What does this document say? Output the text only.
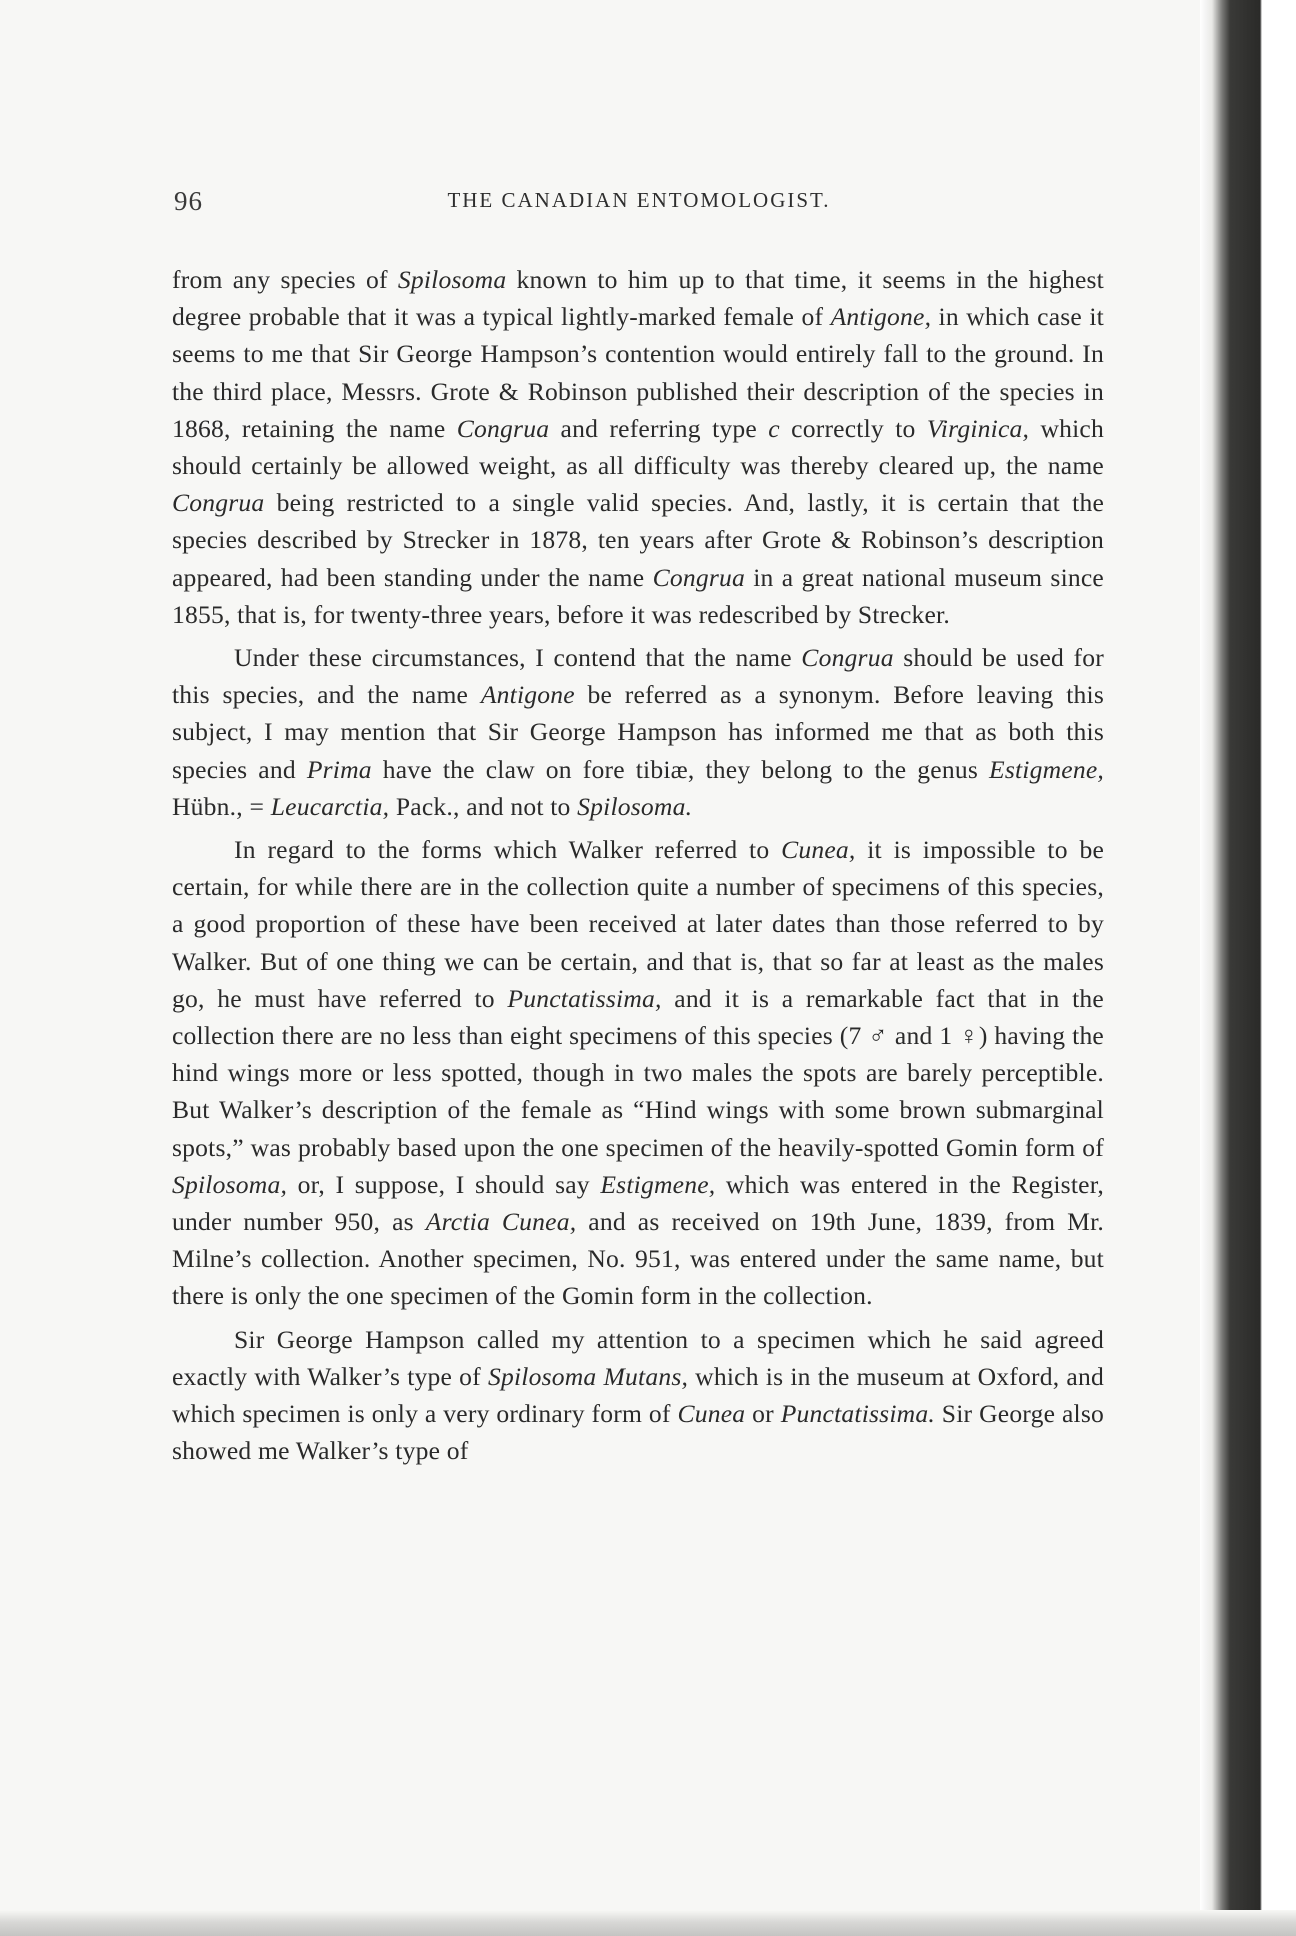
96	THE CANADIAN ENTOMOLOGIST.

from any species of Spilosoma known to him up to that time, it seems in the highest degree probable that it was a typical lightly-marked female of Antigone, in which case it seems to me that Sir George Hampson’s contention would entirely fall to the ground. In the third place, Messrs. Grote & Robinson published their description of the species in 1868, retaining the name Congrua and referring type c correctly to Virginica, which should certainly be allowed weight, as all difficulty was thereby cleared up, the name Congrua being restricted to a single valid species. And, lastly, it is certain that the species described by Strecker in 1878, ten years after Grote & Robinson’s description appeared, had been standing under the name Congrua in a great national museum since 1855, that is, for twenty-three years, before it was redescribed by Strecker.

Under these circumstances, I contend that the name Congrua should be used for this species, and the name Antigone be referred as a synonym. Before leaving this subject, I may mention that Sir George Hampson has informed me that as both this species and Prima have the claw on fore tibiæ, they belong to the genus Estigmene, Hübn., = Leucarctia, Pack., and not to Spilosoma.

In regard to the forms which Walker referred to Cunea, it is impossible to be certain, for while there are in the collection quite a number of specimens of this species, a good proportion of these have been received at later dates than those referred to by Walker. But of one thing we can be certain, and that is, that so far at least as the males go, he must have referred to Punctatissima, and it is a remarkable fact that in the collection there are no less than eight specimens of this species (7 ♂ and 1 ♀) having the hind wings more or less spotted, though in two males the spots are barely perceptible. But Walker’s description of the female as “Hind wings with some brown submarginal spots,” was probably based upon the one specimen of the heavily-spotted Gomin form of Spilosoma, or, I suppose, I should say Estigmene, which was entered in the Register, under number 950, as Arctia Cunea, and as received on 19th June, 1839, from Mr. Milne’s collection. Another specimen, No. 951, was entered under the same name, but there is only the one specimen of the Gomin form in the collection.

Sir George Hampson called my attention to a specimen which he said agreed exactly with Walker’s type of Spilosoma Mutans, which is in the museum at Oxford, and which specimen is only a very ordinary form of Cunea or Punctatissima. Sir George also showed me Walker’s type of
